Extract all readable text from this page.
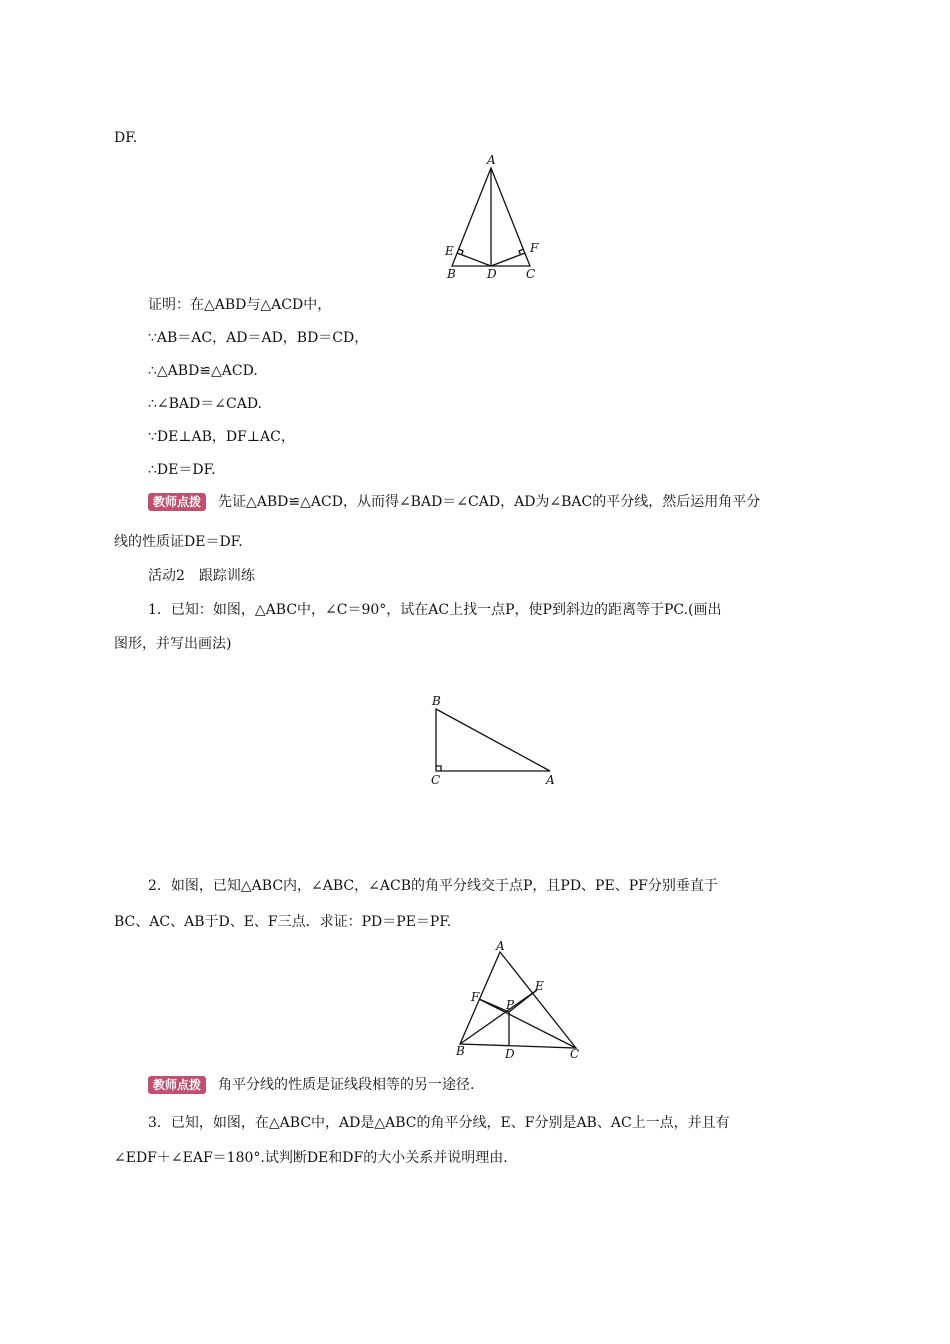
DF.
A
E	F
B	D C
B
C	A
A
E
F
P
B	D	C
证明：在△ABD与△ACD中，
∵AB＝AC，AD＝AD，BD＝CD，
∴△ABD≌△ACD.
∴∠BAD＝∠CAD.
∵DE⊥AB，DF⊥AC，
∴DE＝DF.
教师点拨 先证△ABD≌△ACD，从而得∠BAD＝∠CAD，AD为∠BAC的平分线，然后运用角平分
线的性质证DE＝DF.
活动2　跟踪训练
1．已知：如图，△ABC中，∠C＝90°，试在AC上找一点P，使P到斜边的距离等于PC.(画出
图形，并写出画法)
2．如图，已知△ABC内，∠ABC，∠ACB的角平分线交于点P，且PD、PE、PF分别垂直于
BC、AC、AB于D、E、F三点．求证：PD＝PE＝PF.
教师点拨 角平分线的性质是证线段相等的另一途径.
3．已知，如图，在△ABC中，AD是△ABC的角平分线，E、F分别是AB、AC上一点，并且有
∠EDF＋∠EAF＝180°.试判断DE和DF的大小关系并说明理由.
